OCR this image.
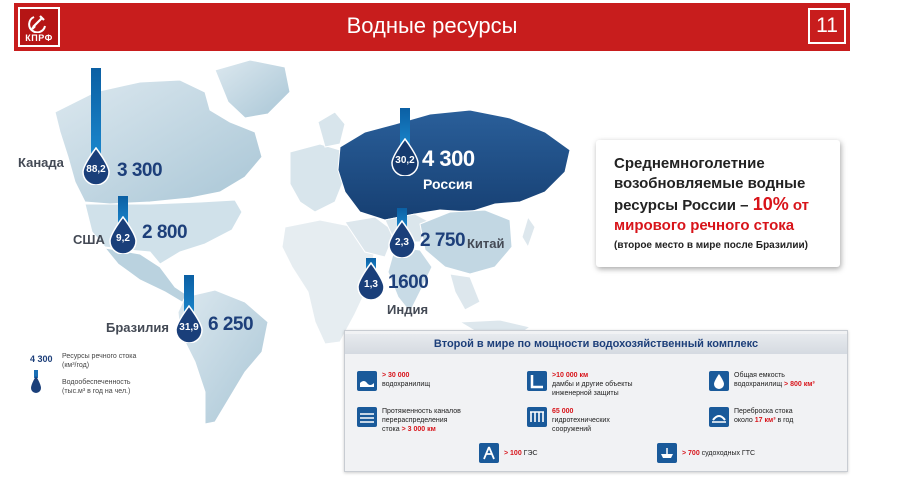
КПРФ	Водные ресурсы	11
88,2 3 300
Канада
9,2 2 800
США
31,9 6 250
Бразилия
30,2 4 300
Россия
2,3 2 750 Китай
1,3 1600
Индия
4 300 Ресурсы речного стока
(км³/год)
Водообеспеченность
(тыс.м³ в год на чел.)
Среднемноголетние
возобновляемые водные
ресурсы России – 10% от
мирового речного стока
(второе место в мире после Бразилии)
Второй в мире по мощности водохозяйственный комплекс
> 30 000
водохранилищ
>10 000 км
дамбы и другие объекты
инженерной защиты
Общая емкость
водохранилищ > 800 км³
Протяженность каналов
перераспределения
стока > 3 000 км
65 000
гидротехнических
сооружений
Переброска стока
около 17 км³ в год
> 100 ГЭС	> 700 судоходных ГТС
